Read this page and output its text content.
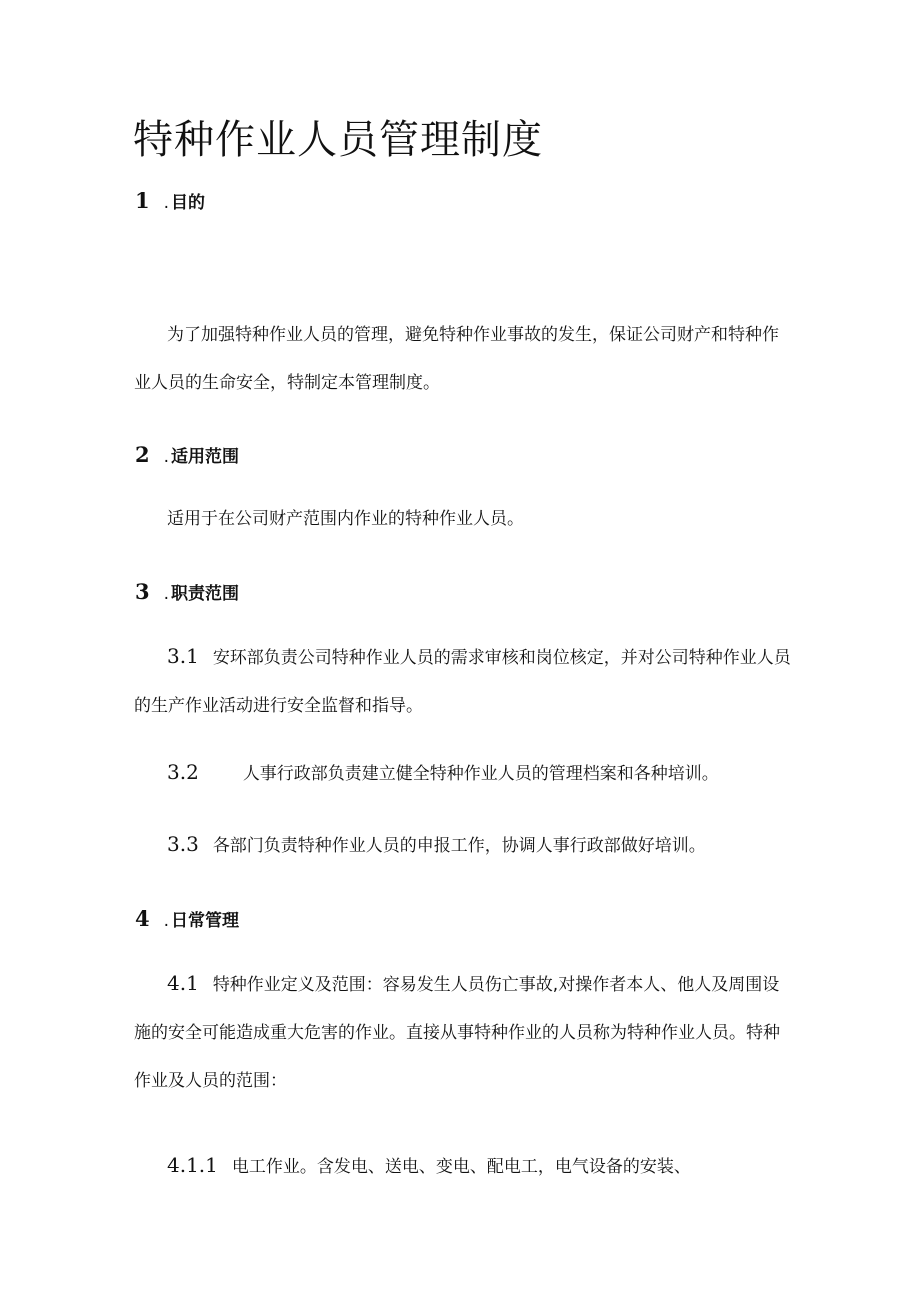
特种作业人员管理制度
1 . 目的

为了加强特种作业人员的管理，避免特种作业事故的发生，保证公司财产和特种作业人员的生命安全，特制定本管理制度。

2 . 适用范围

适用于在公司财产范围内作业的特种作业人员。

3 . 职责范围

3.1 安环部负责公司特种作业人员的需求审核和岗位核定，并对公司特种作业人员的生产作业活动进行安全监督和指导。

3.2	人事行政部负责建立健全特种作业人员的管理档案和各种培训。
3.3 各部门负责特种作业人员的申报工作，协调人事行政部做好培训。
4 . 日常管理

4.1 特种作业定义及范围：容易发生人员伤亡事故,对操作者本人、他人及周围设施的安全可能造成重大危害的作业。直接从事特种作业的人员称为特种作业人员。特种作业及人员的范围：

4.1.1 电工作业。含发电、送电、变电、配电工，电气设备的安装、
